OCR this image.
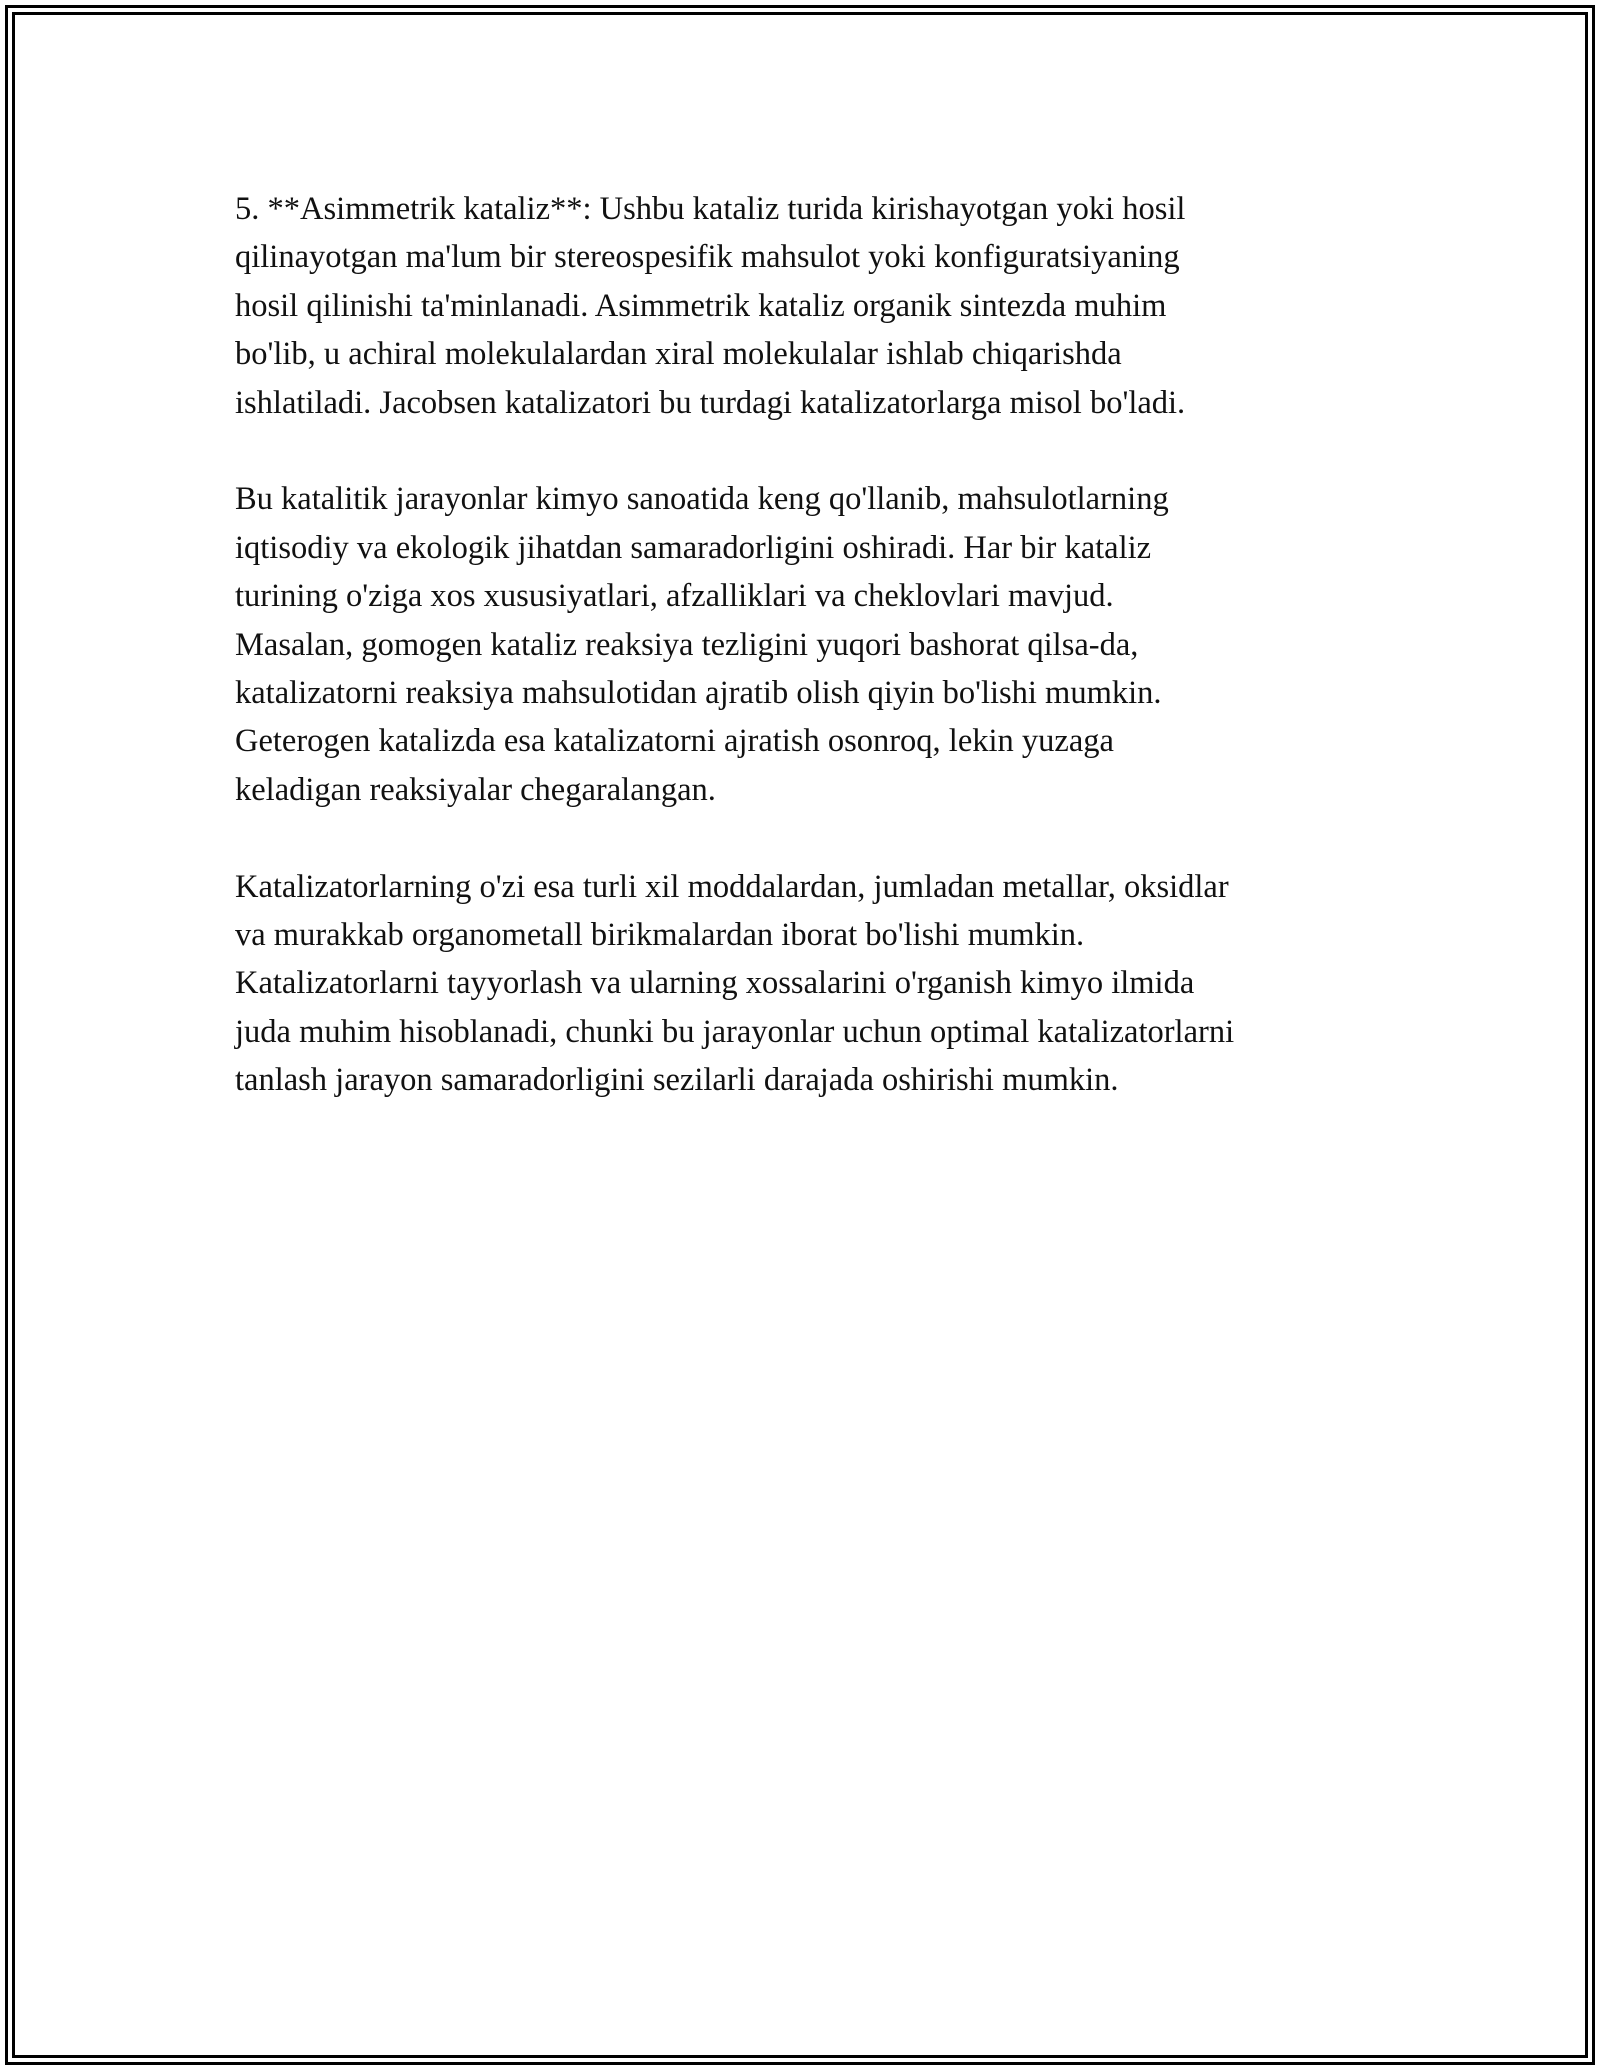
5. **Asimmetrik kataliz**: Ushbu kataliz turida kirishayotgan yoki hosil
qilinayotgan ma'lum bir stereospesifik mahsulot yoki konfiguratsiyaning
hosil qilinishi ta'minlanadi. Asimmetrik kataliz organik sintezda muhim
bo'lib, u achiral molekulalardan xiral molekulalar ishlab chiqarishda
ishlatiladi. Jacobsen katalizatori bu turdagi katalizatorlarga misol bo'ladi.

Bu katalitik jarayonlar kimyo sanoatida keng qo'llanib, mahsulotlarning
iqtisodiy va ekologik jihatdan samaradorligini oshiradi. Har bir kataliz
turining o'ziga xos xususiyatlari, afzalliklari va cheklovlari mavjud.
Masalan, gomogen kataliz reaksiya tezligini yuqori bashorat qilsa-da,
katalizatorni reaksiya mahsulotidan ajratib olish qiyin bo'lishi mumkin.
Geterogen katalizda esa katalizatorni ajratish osonroq, lekin yuzaga
keladigan reaksiyalar chegaralangan.

Katalizatorlarning o'zi esa turli xil moddalardan, jumladan metallar, oksidlar
va murakkab organometall birikmalardan iborat bo'lishi mumkin.
Katalizatorlarni tayyorlash va ularning xossalarini o'rganish kimyo ilmida
juda muhim hisoblanadi, chunki bu jarayonlar uchun optimal katalizatorlarni
tanlash jarayon samaradorligini sezilarli darajada oshirishi mumkin.
